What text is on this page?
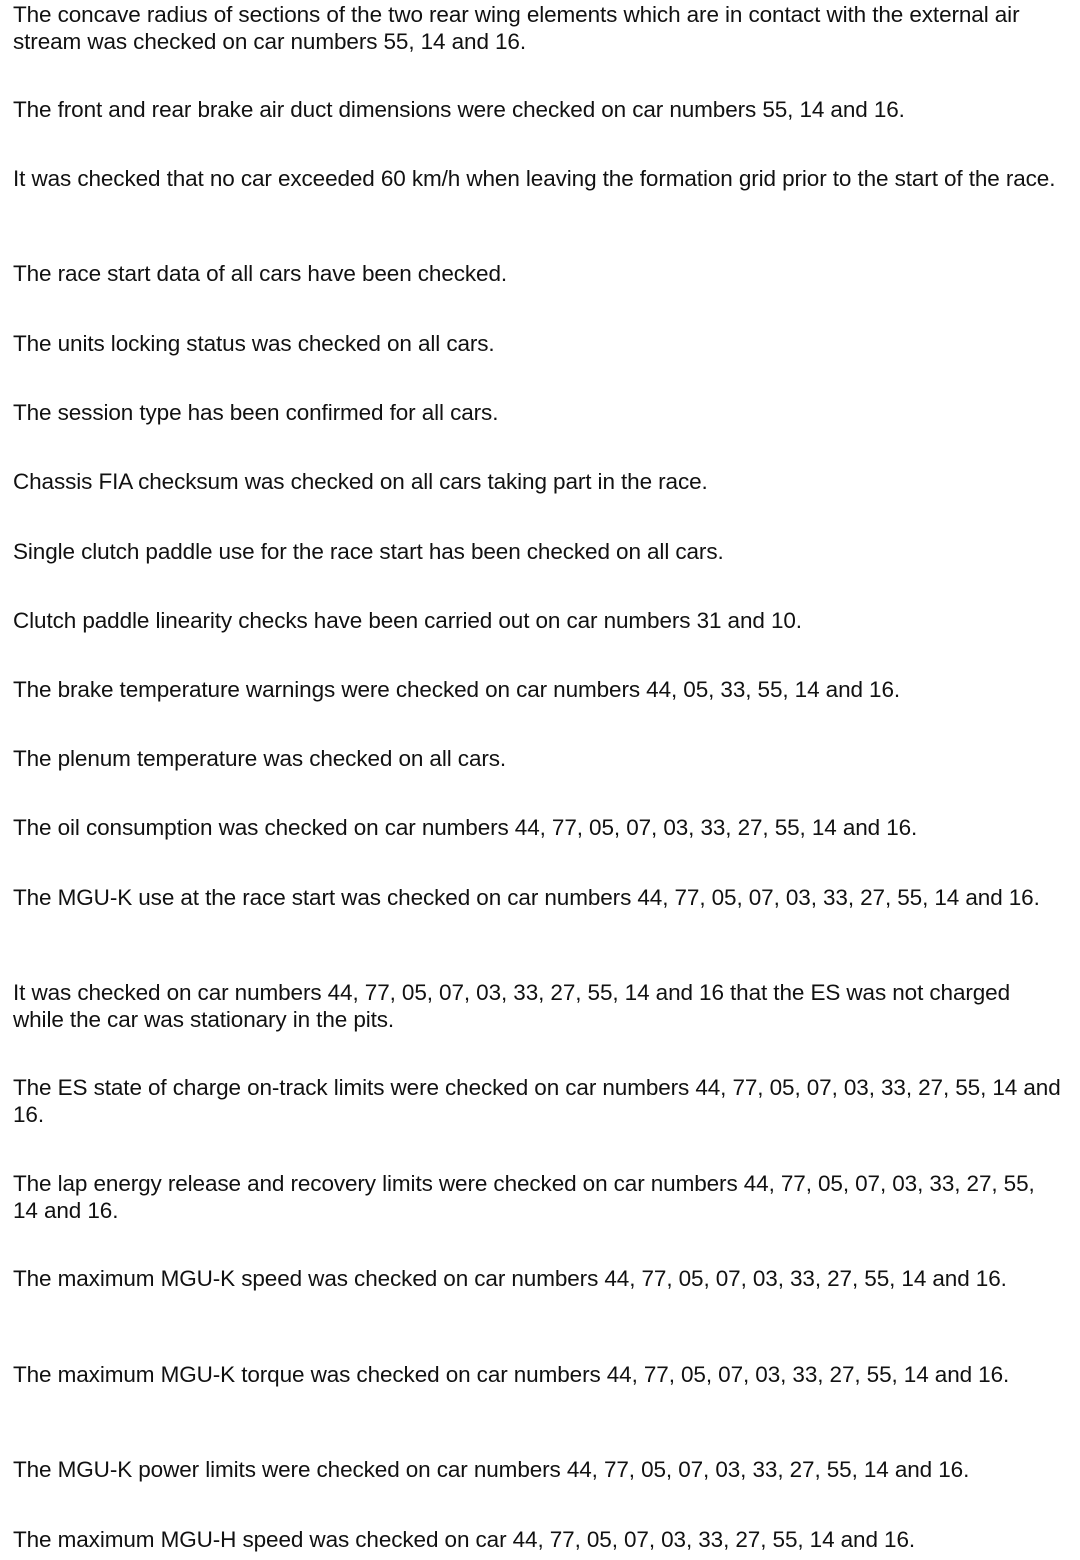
The concave radius of sections of the two rear wing elements which are in contact with the external air stream was checked on car numbers 55, 14 and 16.

The front and rear brake air duct dimensions were checked on car numbers 55, 14 and 16.

It was checked that no car exceeded 60 km/h when leaving the formation grid prior to the start of the race.

The race start data of all cars have been checked.

The units locking status was checked on all cars.

The session type has been confirmed for all cars.

Chassis FIA checksum was checked on all cars taking part in the race.

Single clutch paddle use for the race start has been checked on all cars.

Clutch paddle linearity checks have been carried out on car numbers 31 and 10.

The brake temperature warnings were checked on car numbers 44, 05, 33, 55, 14 and 16.

The plenum temperature was checked on all cars.

The oil consumption was checked on car numbers 44, 77, 05, 07, 03, 33, 27, 55, 14 and 16.

The MGU-K use at the race start was checked on car numbers 44, 77, 05, 07, 03, 33, 27, 55, 14 and 16.

It was checked on car numbers 44, 77, 05, 07, 03, 33, 27, 55, 14 and 16 that the ES was not charged while the car was stationary in the pits.

The ES state of charge on-track limits were checked on car numbers 44, 77, 05, 07, 03, 33, 27, 55, 14 and 16.

The lap energy release and recovery limits were checked on car numbers 44, 77, 05, 07, 03, 33, 27, 55, 14 and 16.

The maximum MGU-K speed was checked on car numbers 44, 77, 05, 07, 03, 33, 27, 55, 14 and 16.

The maximum MGU-K torque was checked on car numbers 44, 77, 05, 07, 03, 33, 27, 55, 14 and 16.

The MGU-K power limits were checked on car numbers 44, 77, 05, 07, 03, 33, 27, 55, 14 and 16.

The maximum MGU-H speed was checked on car 44, 77, 05, 07, 03, 33, 27, 55, 14 and 16.
